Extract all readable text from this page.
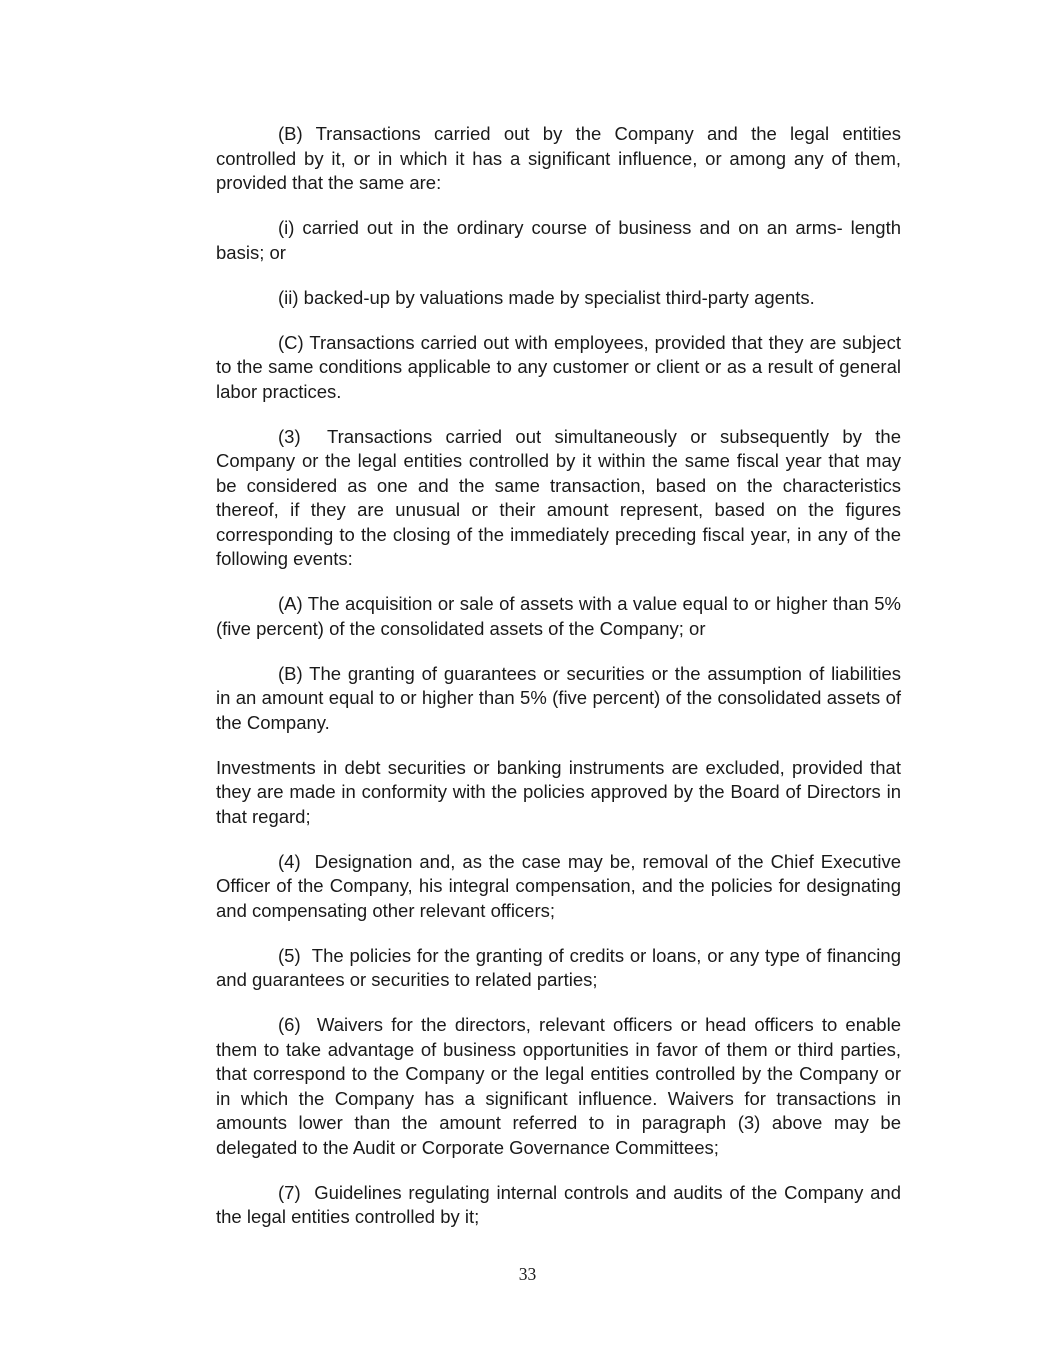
(B) Transactions carried out by the Company and the legal entities controlled by it, or in which it has a significant influence, or among any of them, provided that the same are:

(i) carried out in the ordinary course of business and on an arms- length basis; or

(ii) backed-up by valuations made by specialist third-party agents.

(C) Transactions carried out with employees, provided that they are subject to the same conditions applicable to any customer or client or as a result of general labor practices.

(3)  Transactions carried out simultaneously or subsequently by the Company or the legal entities controlled by it within the same fiscal year that may be considered as one and the same transaction, based on the characteristics thereof, if they are unusual or their amount represent, based on the figures corresponding to the closing of the immediately preceding fiscal year, in any of the following events:

(A) The acquisition or sale of assets with a value equal to or higher than 5% (five percent) of the consolidated assets of the Company; or

(B) The granting of guarantees or securities or the assumption of liabilities in an amount equal to or higher than 5% (five percent) of the consolidated assets of the Company.

Investments in debt securities or banking instruments are excluded, provided that they are made in conformity with the policies approved by the Board of Directors in that regard;

(4)  Designation and, as the case may be, removal of the Chief Executive Officer of the Company, his integral compensation, and the policies for designating and compensating other relevant officers;

(5)  The policies for the granting of credits or loans, or any type of financing and guarantees or securities to related parties;

(6)  Waivers for the directors, relevant officers or head officers to enable them to take advantage of business opportunities in favor of them or third parties, that correspond to the Company or the legal entities controlled by the Company or in which the Company has a significant influence. Waivers for transactions in amounts lower than the amount referred to in paragraph (3) above may be delegated to the Audit or Corporate Governance Committees;

(7)  Guidelines regulating internal controls and audits of the Company and the legal entities controlled by it;

33
